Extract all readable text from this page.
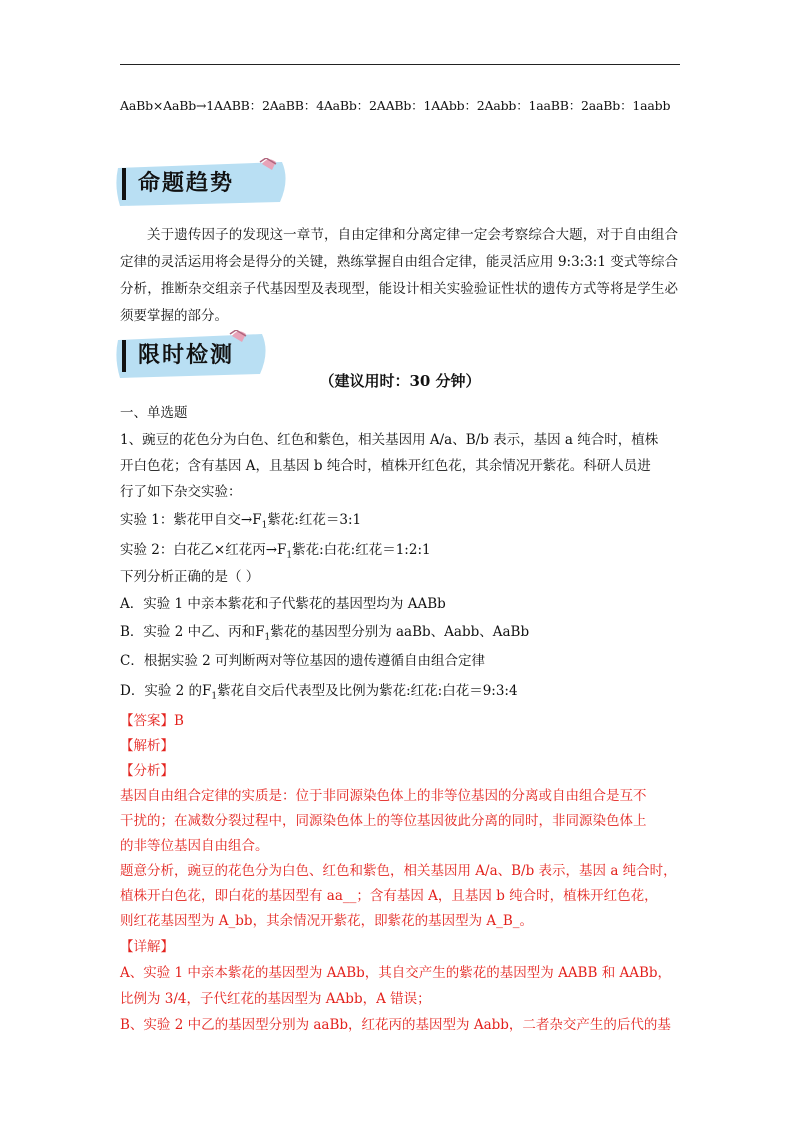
AaBb×AaBb→1AABB：2AaBB：4AaBb：2AABb：1AAbb：2Aabb：1aaBB：2aaBb：1aabb
命题趋势
关于遗传因子的发现这一章节，自由定律和分离定律一定会考察综合大题，对于自由组合定律的灵活运用将会是得分的关键，熟练掌握自由组合定律，能灵活应用 9:3:3:1 变式等综合分析，推断杂交组亲子代基因型及表现型，能设计相关实验验证性状的遗传方式等将是学生必须要掌握的部分。
限时检测
（建议用时：30 分钟）
一、单选题
1、豌豆的花色分为白色、红色和紫色，相关基因用 A/a、B/b 表示，基因 a 纯合时，植株
开白色花；含有基因 A，且基因 b 纯合时，植株开红色花，其余情况开紫花。科研人员进
行了如下杂交实验：
实验 1：紫花甲自交$\to F_1$紫花:红花＝3:1
实验 2：白花乙×红花丙$\to F_1$紫花:白花:红花＝1:2:1
下列分析正确的是（ ）
A．实验 1 中亲本紫花和子代紫花的基因型均为 AABb
B．实验 2 中乙、丙和$F_1$紫花的基因型分别为 aaBb、Aabb、AaBb
C．根据实验 2 可判断两对等位基因的遗传遵循自由组合定律
D．实验 2 的$F_1$紫花自交后代表型及比例为紫花:红花:白花＝9:3:4
【答案】B
【解析】
【分析】
基因自由组合定律的实质是：位于非同源染色体上的非等位基因的分离或自由组合是互不
干扰的；在减数分裂过程中，同源染色体上的等位基因彼此分离的同时，非同源染色体上
的非等位基因自由组合。
题意分析，豌豆的花色分为白色、红色和紫色，相关基因用 A/a、B/b 表示，基因 a 纯合时，
植株开白色花，即白花的基因型有 aa__；含有基因 A，且基因 b 纯合时，植株开红色花，
则红花基因型为 A_bb，其余情况开紫花，即紫花的基因型为 A_B_。
【详解】
A、实验 1 中亲本紫花的基因型为 AABb，其自交产生的紫花的基因型为 AABB 和 AABb，
比例为 3/4，子代红花的基因型为 AAbb，A 错误；
B、实验 2 中乙的基因型分别为 aaBb，红花丙的基因型为 Aabb，二者杂交产生的后代的基
